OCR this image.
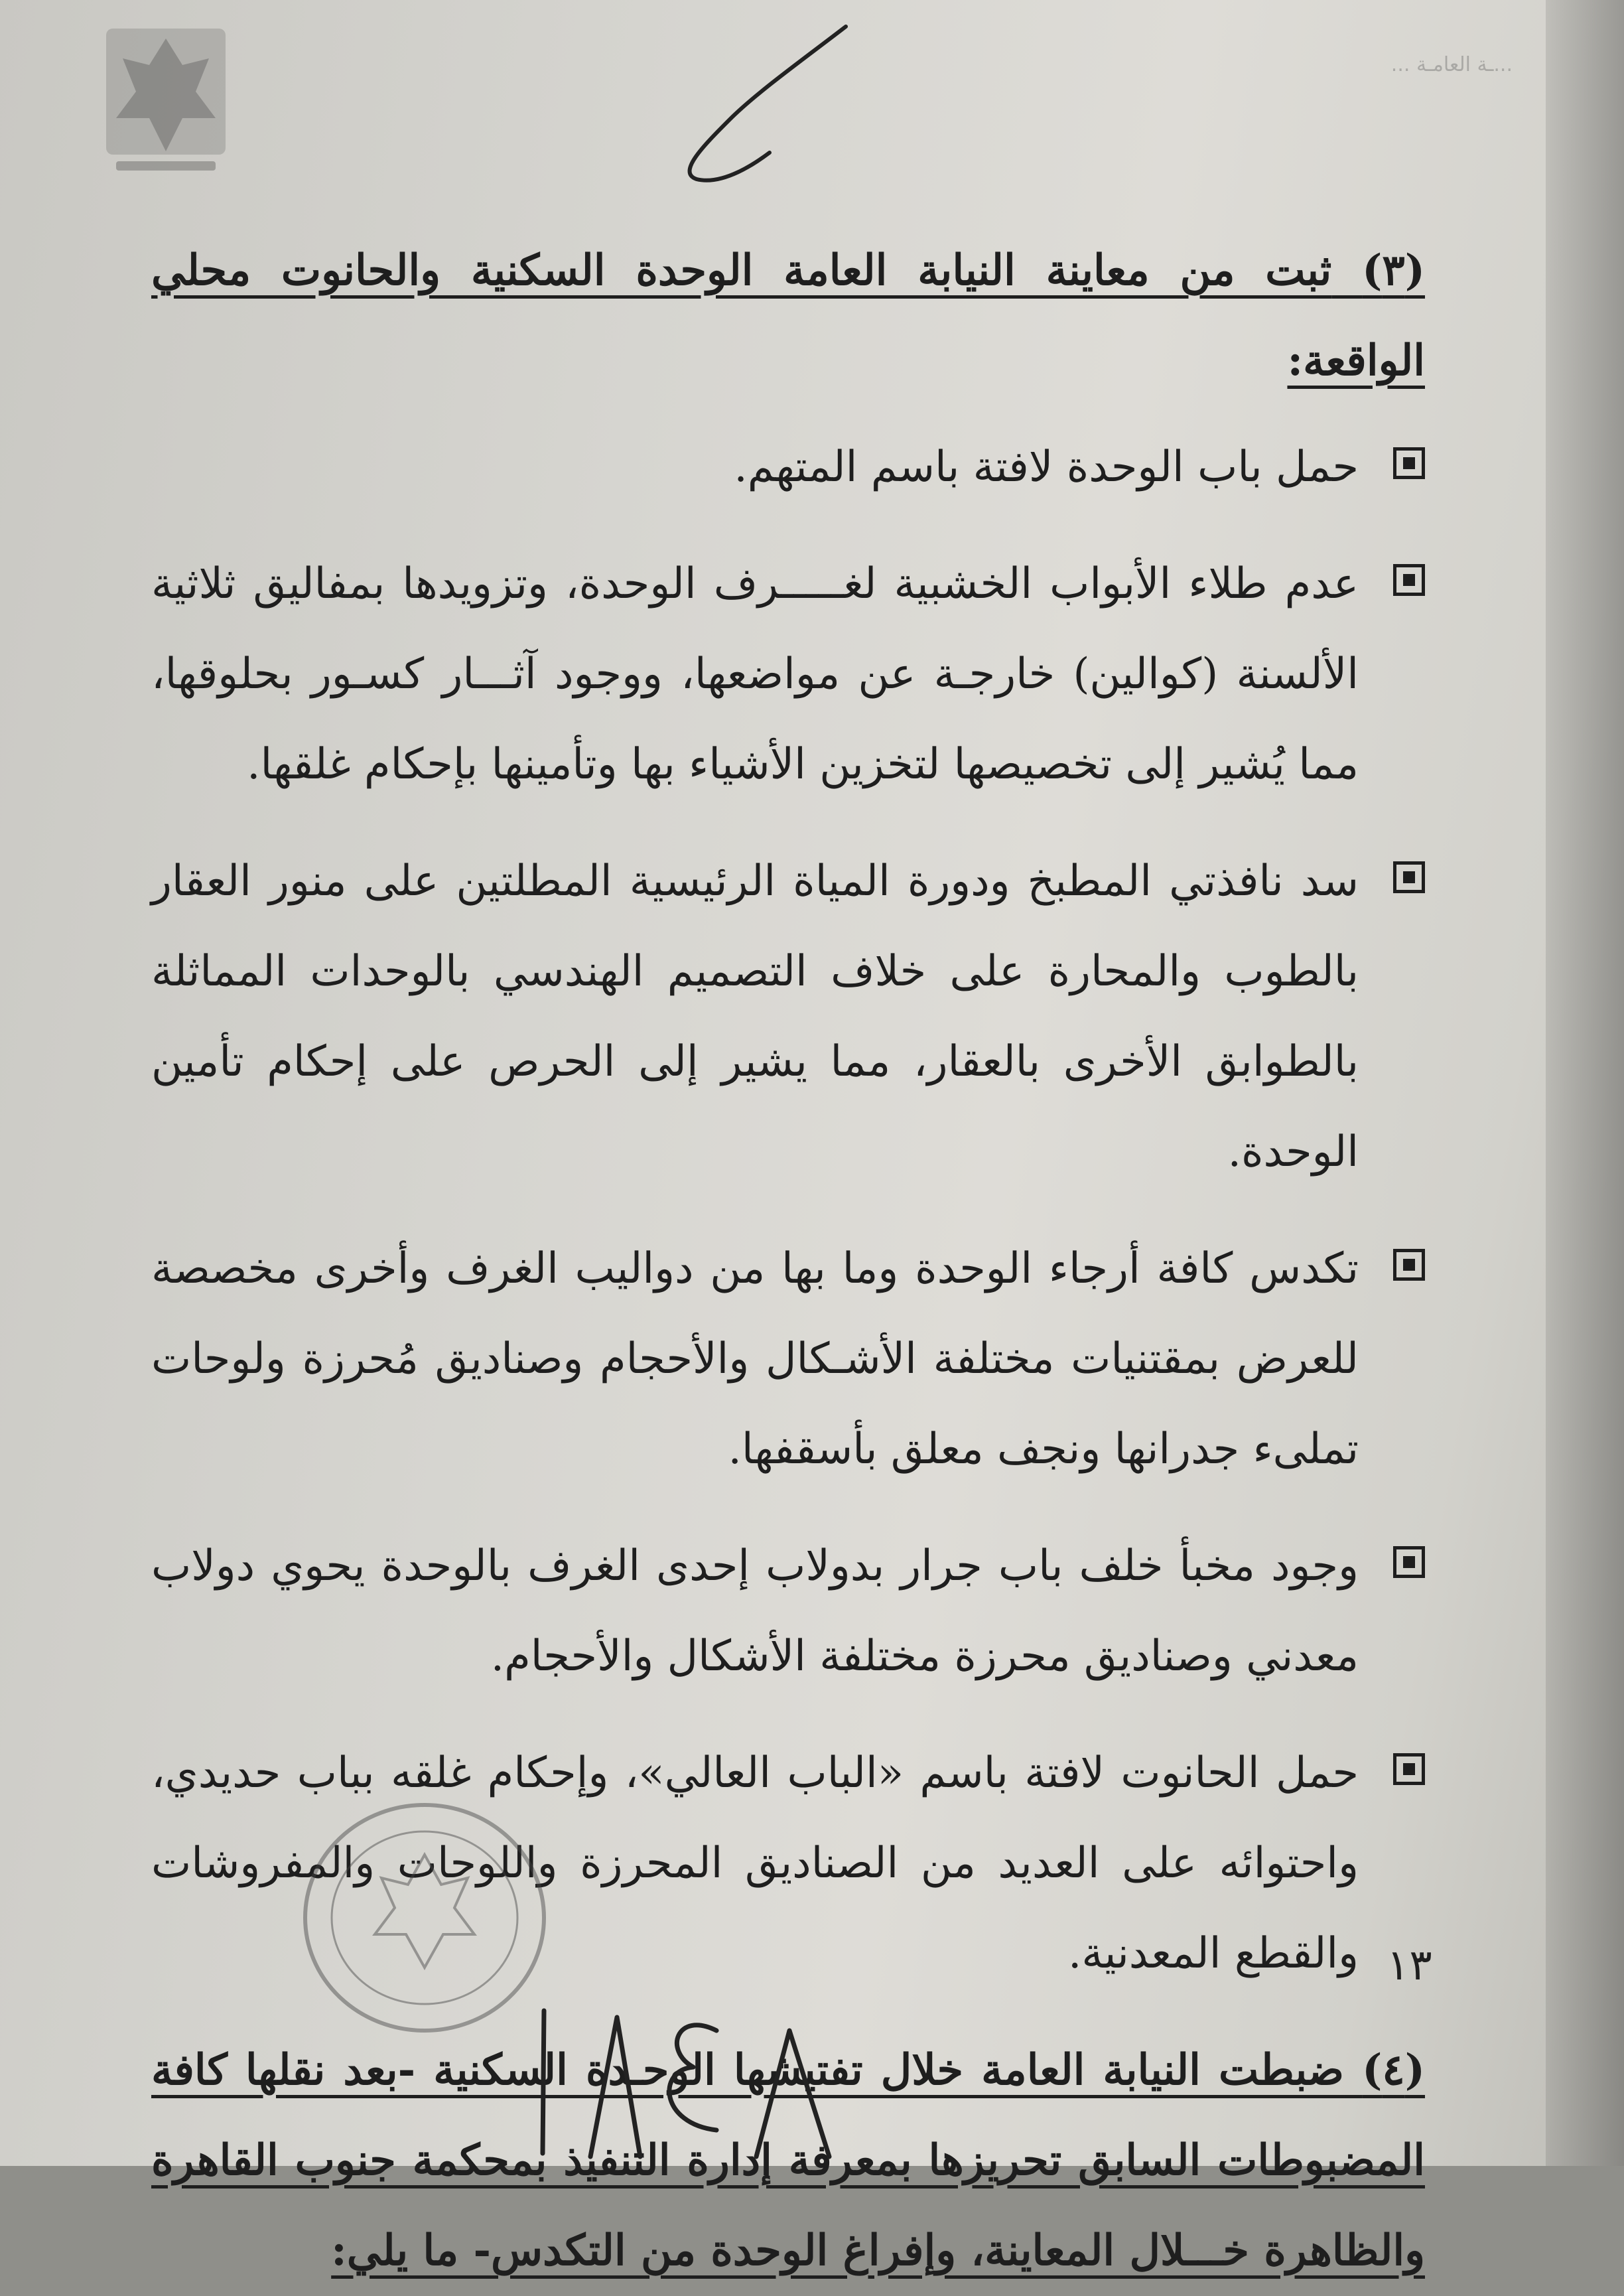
...ـة العامـة ...

(٣) ثبت من معاينة النيابة العامة الوحدة السكنية والحانوت محلي الواقعة:

حمل باب الوحدة لافتة باسم المتهم.
عدم طلاء الأبواب الخشبية لغـــــرف الوحدة، وتزويدها بمفاليق ثلاثية الألسنة (كوالين) خارجـة عن مواضعها، ووجود آثـــار كسـور بحلوقها، مما يُشير إلى تخصيصها لتخزين الأشياء بها وتأمينها بإحكام غلقها.
سد نافذتي المطبخ ودورة المياة الرئيسية المطلتين على منور العقار بالطوب والمحارة على خلاف التصميم الهندسي بالوحدات المماثلة بالطوابق الأخرى بالعقار، مما يشير إلى الحرص على إحكام تأمين الوحدة.
تكدس كافة أرجاء الوحدة وما بها من دواليب الغرف وأخرى مخصصة للعرض بمقتنيات مختلفة الأشـكال والأحجام وصناديق مُحرزة ولوحات تملىء جدرانها ونجف معلق بأسقفها.
وجود مخبأ خلف باب جرار بدولاب إحدى الغرف بالوحدة يحوي دولاب معدني وصناديق محرزة مختلفة الأشكال والأحجام.
حمل الحانوت لافتة باسم «الباب العالي»، وإحكام غلقه بباب حديدي، واحتوائه على العديد من الصناديق المحرزة واللوحات والمفروشات والقطع المعدنية.

(٤) ضبطت النيابة العامة خلال تفتيشها الوحـدة السكنية -بعد نقلها كافة المضبوطات السابق تحريزها بمعرفة إدارة التنفيذ بمحكمة جنوب القاهرة والظاهرة خـــلال المعاينة، وإفراغ الوحدة من التكدس- ما يلي:

١٣
